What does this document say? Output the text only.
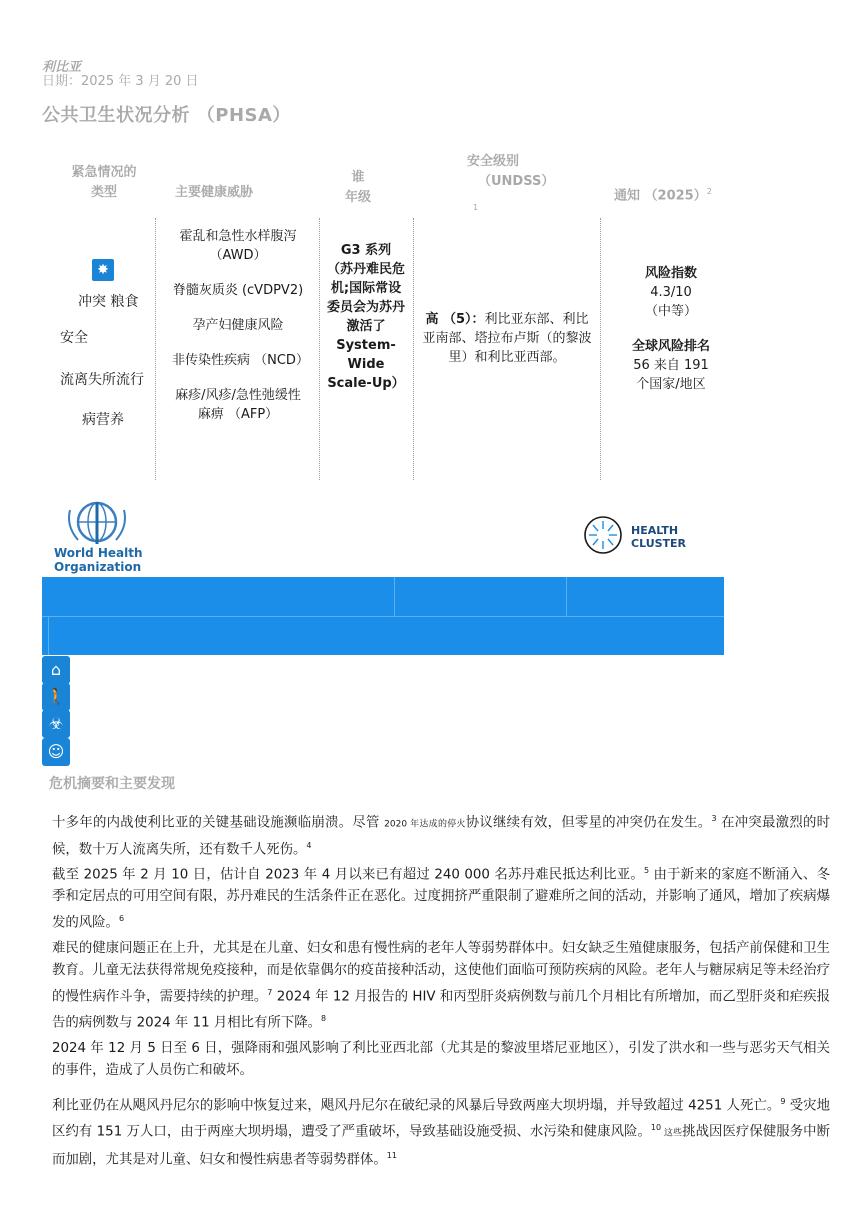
利比亚
日期：2025 年 3 月 20 日
公共卫生状况分析 （PHSA）
紧急情况的
类型	主要健康威胁
谁
年级
安全级别
（UNDSS）
1
通知 $(2025)^2$
✸
冲突 粮食
安全
流离失所流行
病营养
霍乱和急性水样腹泻 （AWD）
脊髓灰质炎 (cVDPV2)
孕产妇健康风险
非传染性疾病 （NCD）
麻疹/风疹/急性弛缓性麻痹 （AFP）
G3 系列 （苏丹难民危机;国际常设委员会为苏丹激活了 System-Wide Scale-Up）
高 （5）：利比亚东部、利比亚南部、塔拉布卢斯（的黎波里）和利比亚西部。
风险指数
4.3/10
（中等）
全球风险排名
56 来自 191 个国家/地区
World Health
Organization
HEALTH
CLUSTER
⌂
🚶
☣
☺
危机摘要和主要发现
十多年的内战使利比亚的关键基础设施濒临崩溃。尽管 2020 年达成的停火协议继续有效，但零星的冲突仍在发生。$^3$ 在冲突最激烈的时候，数十万人流离失所，还有数千人死伤。$^4$
截至 2025 年 2 月 10 日，估计自 2023 年 4 月以来已有超过 240 000 名苏丹难民抵达利比亚。$^5$ 由于新来的家庭不断涌入、冬季和定居点的可用空间有限，苏丹难民的生活条件正在恶化。过度拥挤严重限制了避难所之间的活动，并影响了通风，增加了疾病爆发的风险。$^6$
难民的健康问题正在上升，尤其是在儿童、妇女和患有慢性病的老年人等弱势群体中。妇女缺乏生殖健康服务，包括产前保健和卫生教育。儿童无法获得常规免疫接种，而是依靠偶尔的疫苗接种活动，这使他们面临可预防疾病的风险。老年人与糖尿病足等未经治疗的慢性病作斗争，需要持续的护理。$^7$ 2024 年 12 月报告的 HIV 和丙型肝炎病例数与前几个月相比有所增加，而乙型肝炎和疟疾报告的病例数与 2024 年 11 月相比有所下降。$^8$
2024 年 12 月 5 日至 6 日，强降雨和强风影响了利比亚西北部（尤其是的黎波里塔尼亚地区），引发了洪水和一些与恶劣天气相关的事件，造成了人员伤亡和破坏。
利比亚仍在从飓风丹尼尔的影响中恢复过来，飓风丹尼尔在破纪录的风暴后导致两座大坝坍塌，并导致超过 4251 人死亡。$^9$ 受灾地区约有 151 万人口，由于两座大坝坍塌，遭受了严重破坏，导致基础设施受损、水污染和健康风险。$^{10}$ 这些挑战因医疗保健服务中断而加剧，尤其是对儿童、妇女和慢性病患者等弱势群体。$^{11}$
